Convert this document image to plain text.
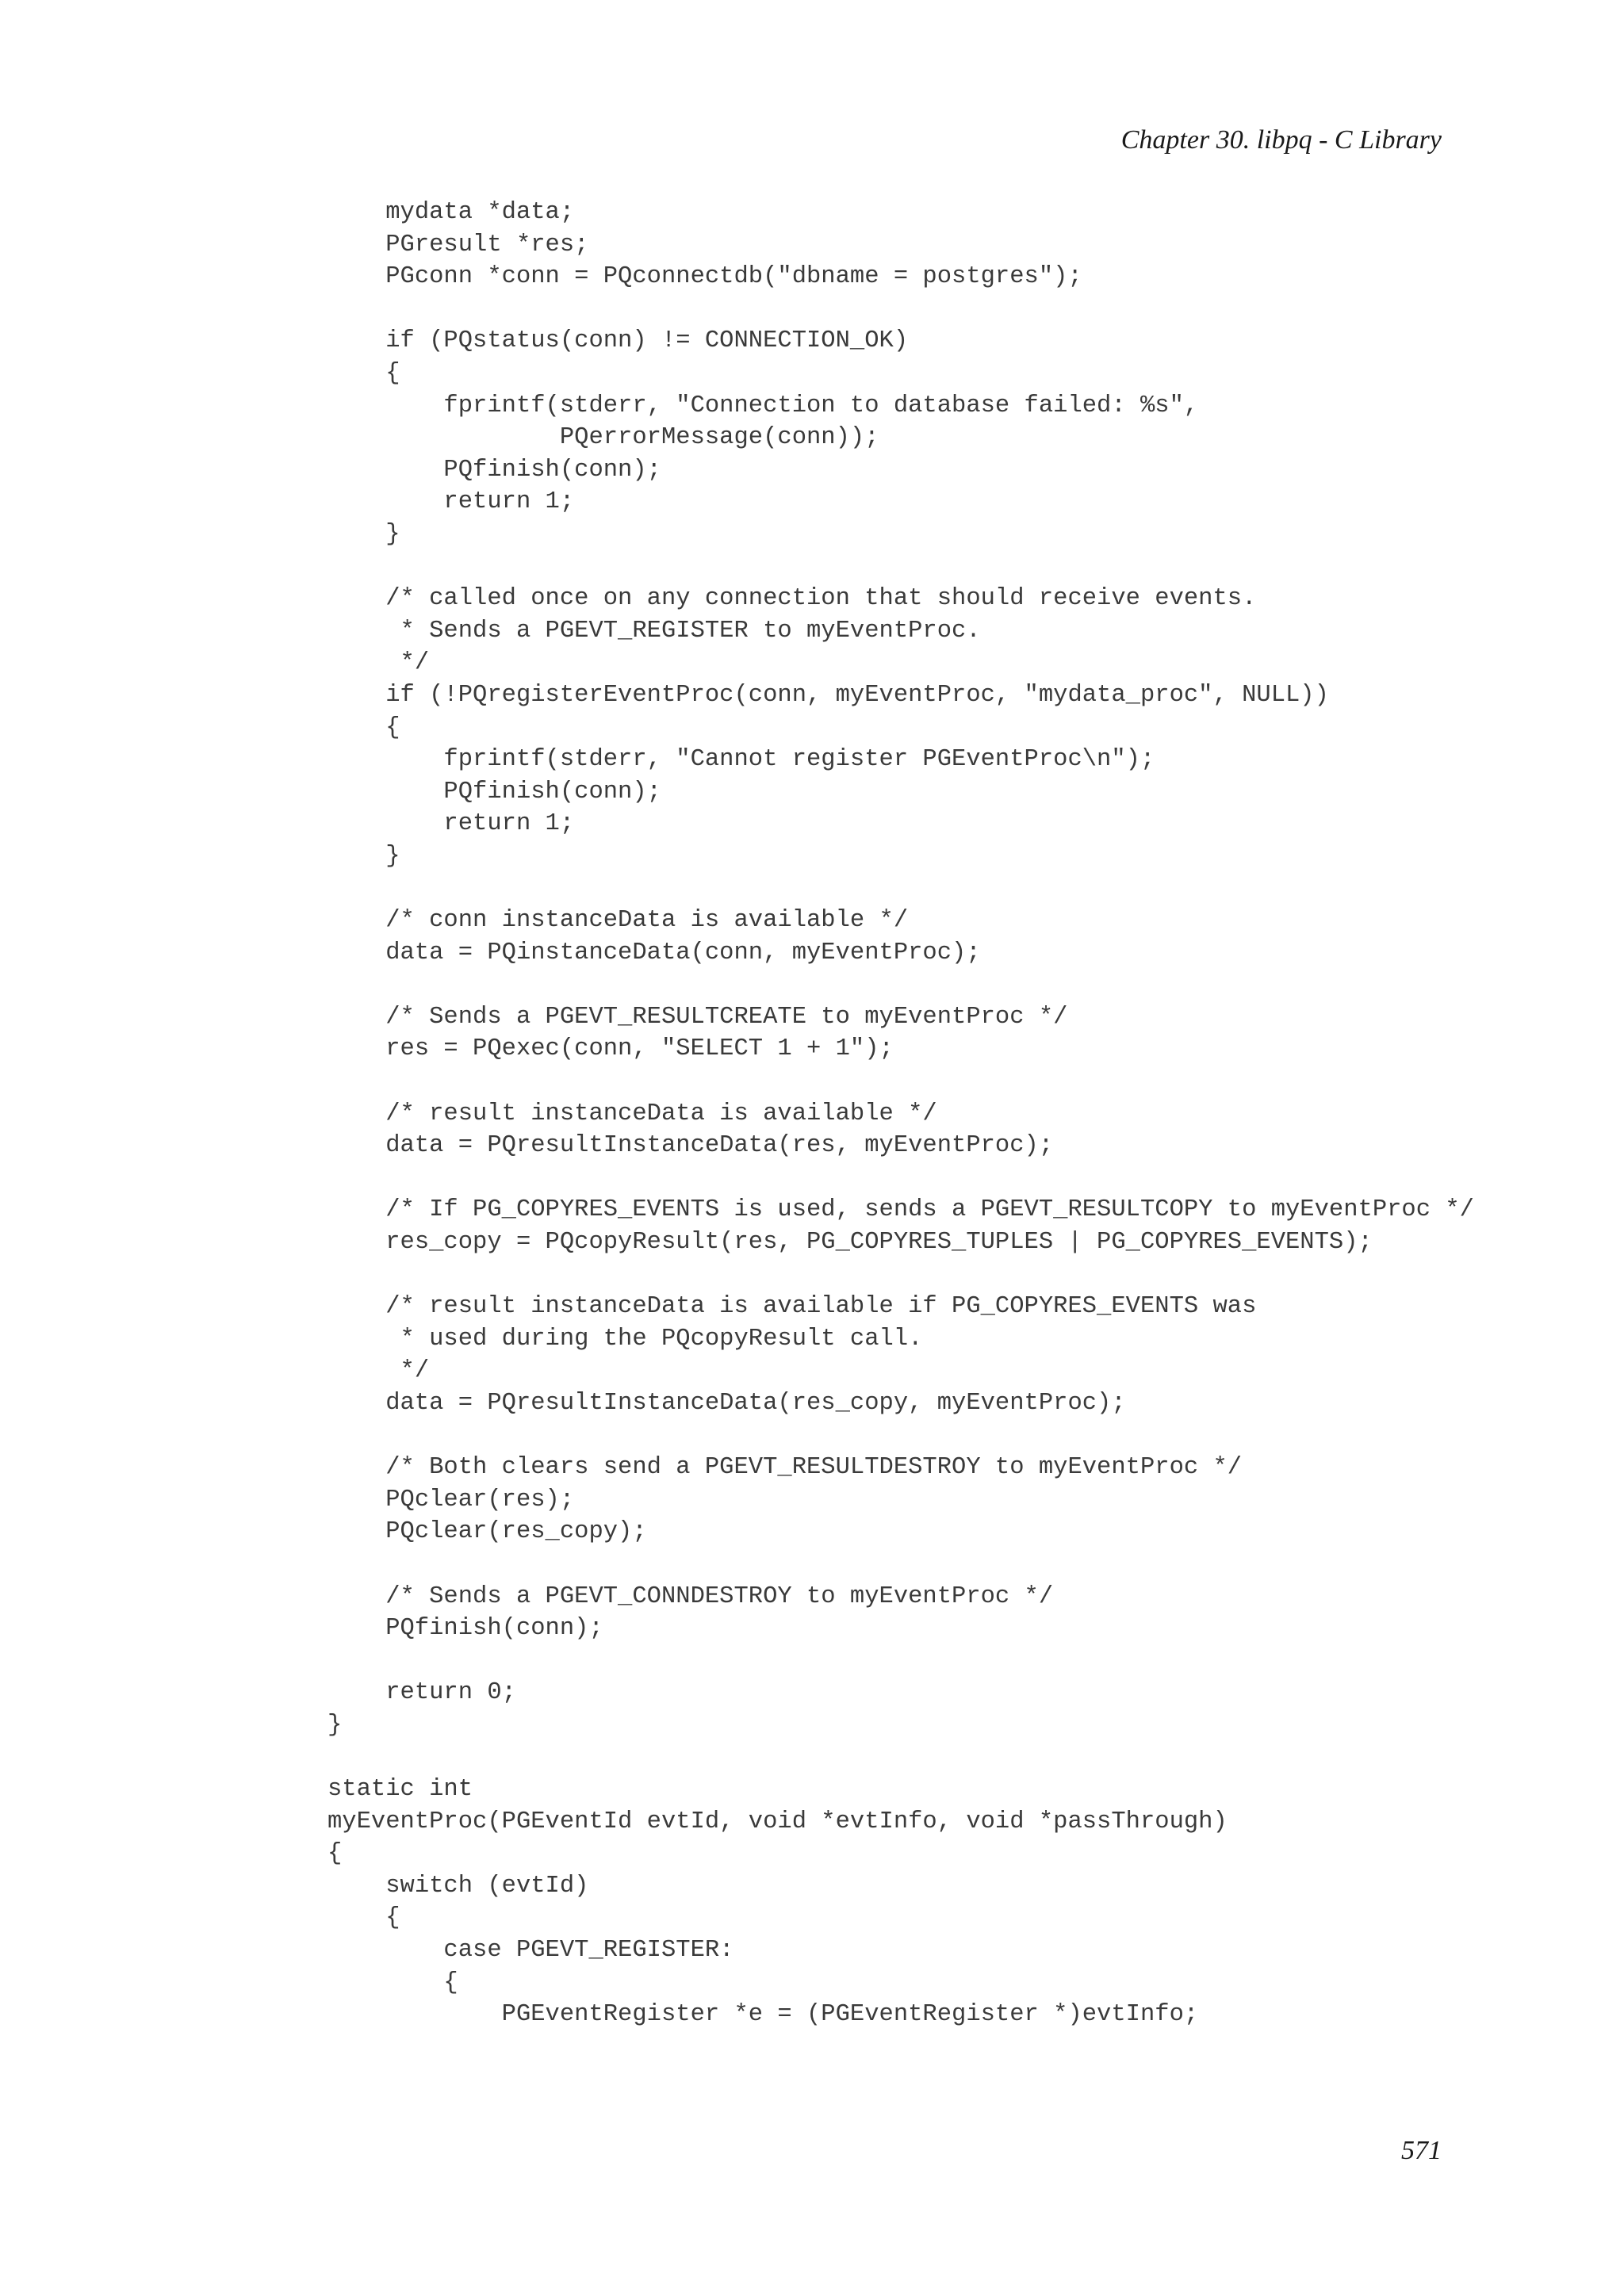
Chapter 30. libpq - C Library
mydata *data;
PGresult *res;
PGconn *conn = PQconnectdb("dbname = postgres");
if (PQstatus(conn) != CONNECTION_OK)
{
fprintf(stderr, "Connection to database failed: %s",
PQerrorMessage(conn));
PQfinish(conn);
return 1;
}
/* called once on any connection that should receive events.
* Sends a PGEVT_REGISTER to myEventProc.
*/
if (!PQregisterEventProc(conn, myEventProc, "mydata_proc", NULL))
{
fprintf(stderr, "Cannot register PGEventProc\n");
PQfinish(conn);
return 1;
}
/* conn instanceData is available */
data = PQinstanceData(conn, myEventProc);
/* Sends a PGEVT_RESULTCREATE to myEventProc */
res = PQexec(conn, "SELECT 1 + 1");
/* result instanceData is available */
data = PQresultInstanceData(res, myEventProc);
/* If PG_COPYRES_EVENTS is used, sends a PGEVT_RESULTCOPY to myEventProc */
res_copy = PQcopyResult(res, PG_COPYRES_TUPLES | PG_COPYRES_EVENTS);
/* result instanceData is available if PG_COPYRES_EVENTS was
* used during the PQcopyResult call.
*/
data = PQresultInstanceData(res_copy, myEventProc);
/* Both clears send a PGEVT_RESULTDESTROY to myEventProc */
PQclear(res);
PQclear(res_copy);
/* Sends a PGEVT_CONNDESTROY to myEventProc */
PQfinish(conn);
return 0;
}
static int
myEventProc(PGEventId evtId, void *evtInfo, void *passThrough)
{
switch (evtId)
{
case PGEVT_REGISTER:
{
PGEventRegister *e = (PGEventRegister *)evtInfo;
571
